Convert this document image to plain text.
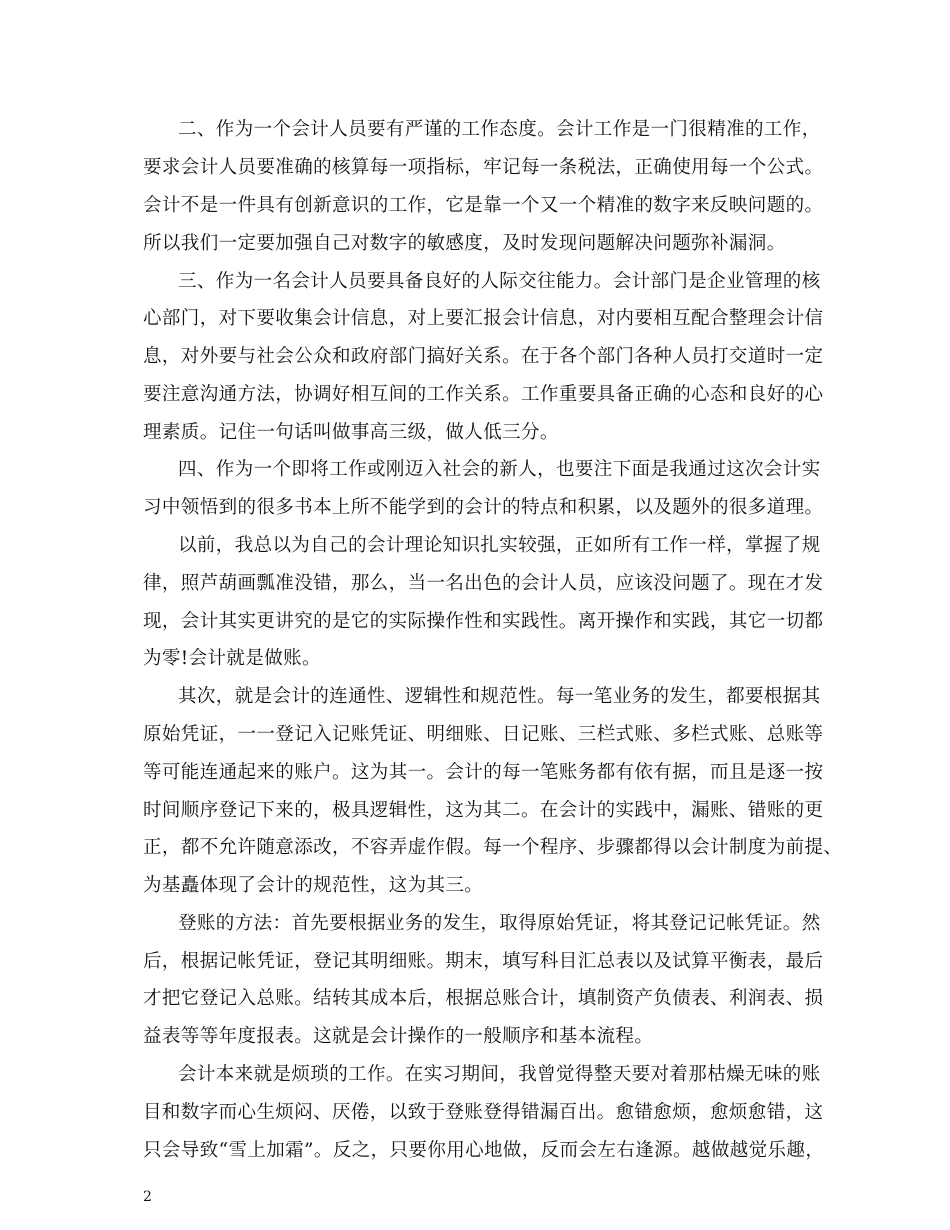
二、作为一个会计人员要有严谨的工作态度。会计工作是一门很精准的工作，
要求会计人员要准确的核算每一项指标，牢记每一条税法，正确使用每一个公式。
会计不是一件具有创新意识的工作，它是靠一个又一个精准的数字来反映问题的。
所以我们一定要加强自己对数字的敏感度，及时发现问题解决问题弥补漏洞。
三、作为一名会计人员要具备良好的人际交往能力。会计部门是企业管理的核
心部门，对下要收集会计信息，对上要汇报会计信息，对内要相互配合整理会计信
息，对外要与社会公众和政府部门搞好关系。在于各个部门各种人员打交道时一定
要注意沟通方法，协调好相互间的工作关系。工作重要具备正确的心态和良好的心
理素质。记住一句话叫做事高三级，做人低三分。
四、作为一个即将工作或刚迈入社会的新人，也要注下面是我通过这次会计实
习中领悟到的很多书本上所不能学到的会计的特点和积累，以及题外的很多道理。
以前，我总以为自己的会计理论知识扎实较强，正如所有工作一样，掌握了规
律，照芦葫画瓢准没错，那么，当一名出色的会计人员，应该没问题了。现在才发
现，会计其实更讲究的是它的实际操作性和实践性。离开操作和实践，其它一切都
为零!会计就是做账。
其次，就是会计的连通性、逻辑性和规范性。每一笔业务的发生，都要根据其
原始凭证，一一登记入记账凭证、明细账、日记账、三栏式账、多栏式账、总账等
等可能连通起来的账户。这为其一。会计的每一笔账务都有依有据，而且是逐一按
时间顺序登记下来的，极具逻辑性，这为其二。在会计的实践中，漏账、错账的更
正，都不允许随意添改，不容弄虚作假。每一个程序、步骤都得以会计制度为前提、
为基矗体现了会计的规范性，这为其三。
登账的方法：首先要根据业务的发生，取得原始凭证，将其登记记帐凭证。然
后，根据记帐凭证，登记其明细账。期末，填写科目汇总表以及试算平衡表，最后
才把它登记入总账。结转其成本后，根据总账合计，填制资产负债表、利润表、损
益表等等年度报表。这就是会计操作的一般顺序和基本流程。
会计本来就是烦琐的工作。在实习期间，我曾觉得整天要对着那枯燥无味的账
目和数字而心生烦闷、厌倦，以致于登账登得错漏百出。愈错愈烦，愈烦愈错，这
只会导致“雪上加霜”。反之，只要你用心地做，反而会左右逢源。越做越觉乐趣，
2
